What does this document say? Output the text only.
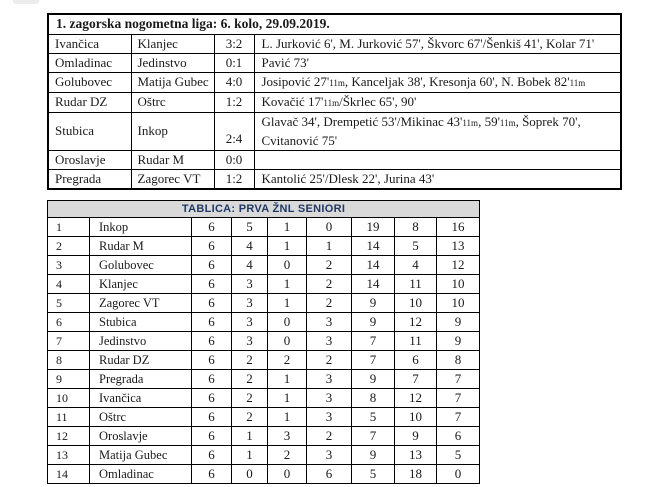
1. zagorska nogometna liga: 6. kolo, 29.09.2019.			
Ivančica	Klanjec	3:2	L. Jurković 6', M. Jurković 57', Škvorc 67'/Šenkiš 41', Kolar 71'
Omladinac	Jedinstvo	0:1	Pavić 73'
Golubovec	Matija Gubec	4:0	Josipović 27'11m, Kanceljak 38', Kresonja 60', N. Bobek 82'11m
Rudar DZ	Oštrc	1:2	Kovačić 17'11m/Škrlec 65', 90'
Stubica	Inkop	2:4	Glavač 34', Drempetić 53'/Mikinac 43'11m, 59'11m, Šoprek 70', Cvitanović 75'
Oroslavje	Rudar M	0:0	
Pregrada	Zagorec VT	1:2	Kantolić 25'/Dlesk 22', Jurina 43'
TABLICA: PRVA ŽNL SENIORI								
1	Inkop	6	5	1	0	19	8	16
2	Rudar M	6	4	1	1	14	5	13
3	Golubovec	6	4	0	2	14	4	12
4	Klanjec	6	3	1	2	14	11	10
5	Zagorec VT	6	3	1	2	9	10	10
6	Stubica	6	3	0	3	9	12	9
7	Jedinstvo	6	3	0	3	7	11	9
8	Rudar DZ	6	2	2	2	7	6	8
9	Pregrada	6	2	1	3	9	7	7
10	Ivančica	6	2	1	3	8	12	7
11	Oštrc	6	2	1	3	5	10	7
12	Oroslavje	6	1	3	2	7	9	6
13	Matija Gubec	6	1	2	3	9	13	5
14	Omladinac	6	0	0	6	5	18	0
